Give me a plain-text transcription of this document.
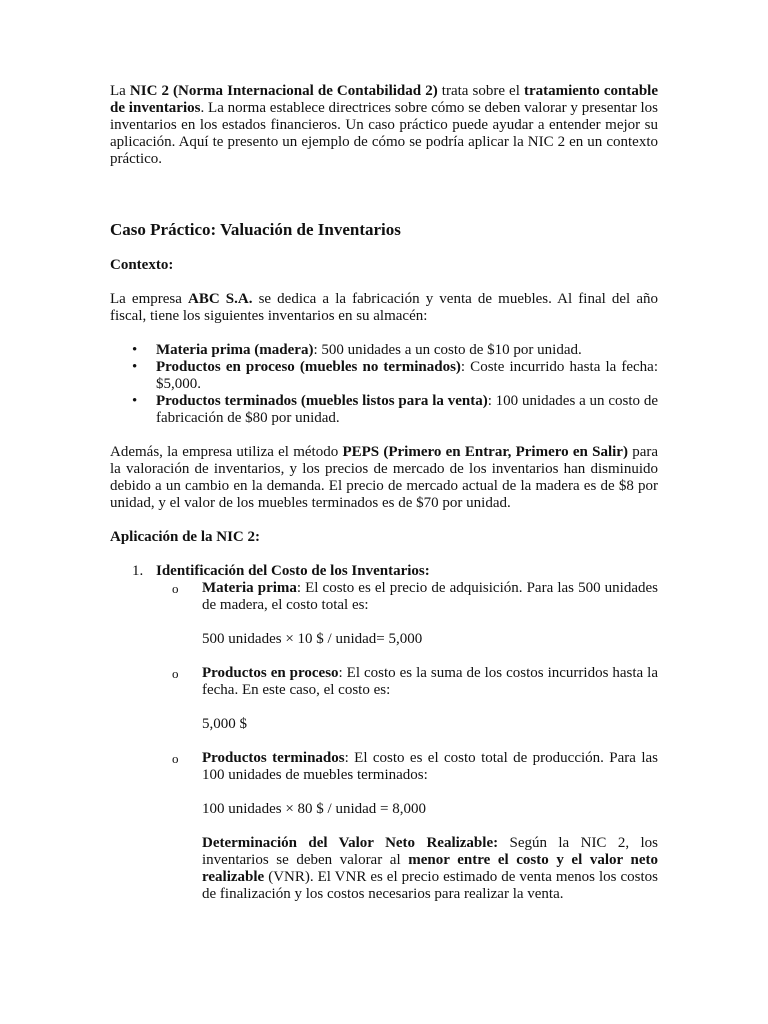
La NIC 2 (Norma Internacional de Contabilidad 2) trata sobre el tratamiento contable de inventarios. La norma establece directrices sobre cómo se deben valorar y presentar los inventarios en los estados financieros. Un caso práctico puede ayudar a entender mejor su aplicación. Aquí te presento un ejemplo de cómo se podría aplicar la NIC 2 en un contexto práctico.

Caso Práctico: Valuación de Inventarios

Contexto:

La empresa ABC S.A. se dedica a la fabricación y venta de muebles. Al final del año fiscal, tiene los siguientes inventarios en su almacén:

• Materia prima (madera): 500 unidades a un costo de $10 por unidad.
• Productos en proceso (muebles no terminados): Coste incurrido hasta la fecha: $5,000.
• Productos terminados (muebles listos para la venta): 100 unidades a un costo de fabricación de $80 por unidad.

Además, la empresa utiliza el método PEPS (Primero en Entrar, Primero en Salir) para la valoración de inventarios, y los precios de mercado de los inventarios han disminuido debido a un cambio en la demanda. El precio de mercado actual de la madera es de $8 por unidad, y el valor de los muebles terminados es de $70 por unidad.

Aplicación de la NIC 2:

1. Identificación del Costo de los Inventarios:
o Materia prima: El costo es el precio de adquisición. Para las 500 unidades de madera, el costo total es:

500 unidades × 10 $ / unidad= 5,000

o Productos en proceso: El costo es la suma de los costos incurridos hasta la fecha. En este caso, el costo es:

5,000 $

o Productos terminados: El costo es el costo total de producción. Para las 100 unidades de muebles terminados:

100 unidades × 80 $ / unidad = 8,000

Determinación del Valor Neto Realizable: Según la NIC 2, los inventarios se deben valorar al menor entre el costo y el valor neto realizable (VNR). El VNR es el precio estimado de venta menos los costos de finalización y los costos necesarios para realizar la venta.
